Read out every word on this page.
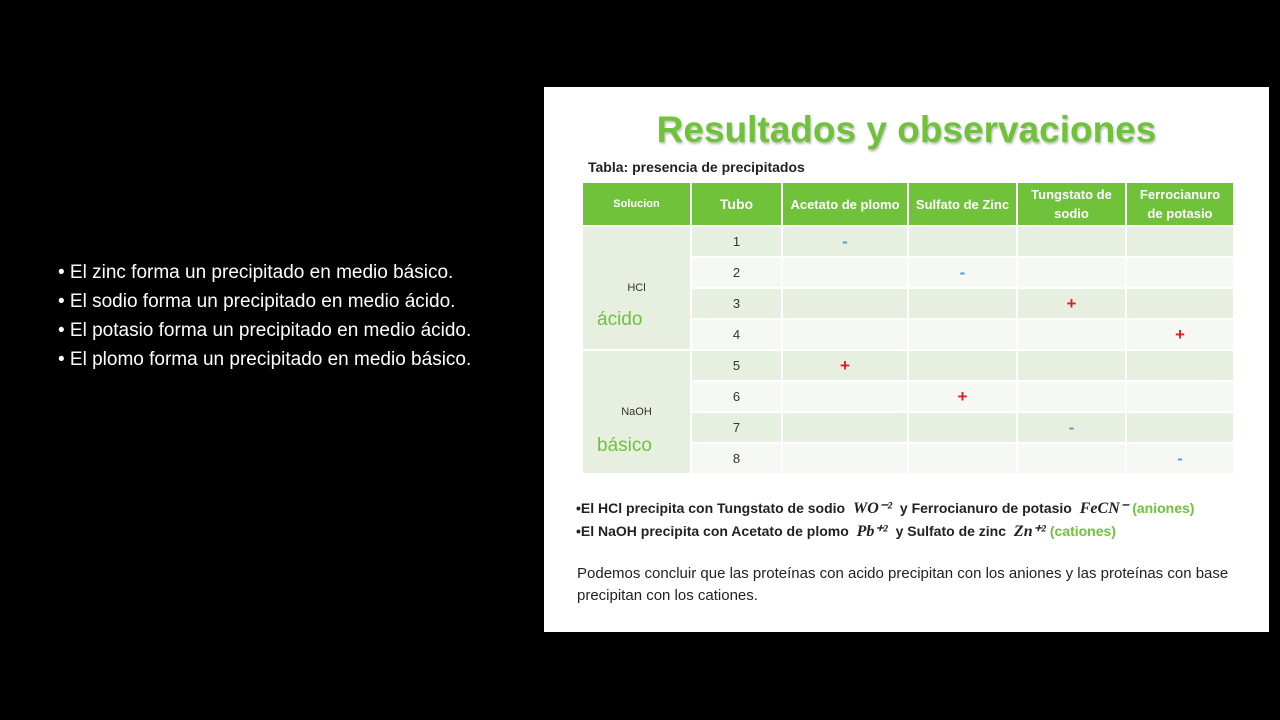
• El zinc forma un precipitado en medio básico.

• El sodio forma un precipitado en medio ácido.

• El potasio forma un precipitado en medio ácido.

• El plomo forma un precipitado en medio básico.

Resultados y observaciones
Tabla: presencia de precipitados
Solucion	Tubo	Acetato de plomo	Sulfato de Zinc	Tungstato de sodio	Ferrocianuro de potasio
HCl
ácido	1	-			
	2		-		
	3			+	
	4				+
NaOH
básico	5	+			
	6		+		
	7			-	
	8				-
•El HCl precipita con Tungstato de sodio WO⁻² y Ferrocianuro de potasio FeCN⁻ (aniones)
•El NaOH precipita con Acetato de plomo Pb⁺² y Sulfato de zinc Zn⁺² (cationes)
Podemos concluir que las proteínas con acido precipitan con los aniones y las proteínas con base precipitan con los cationes.
